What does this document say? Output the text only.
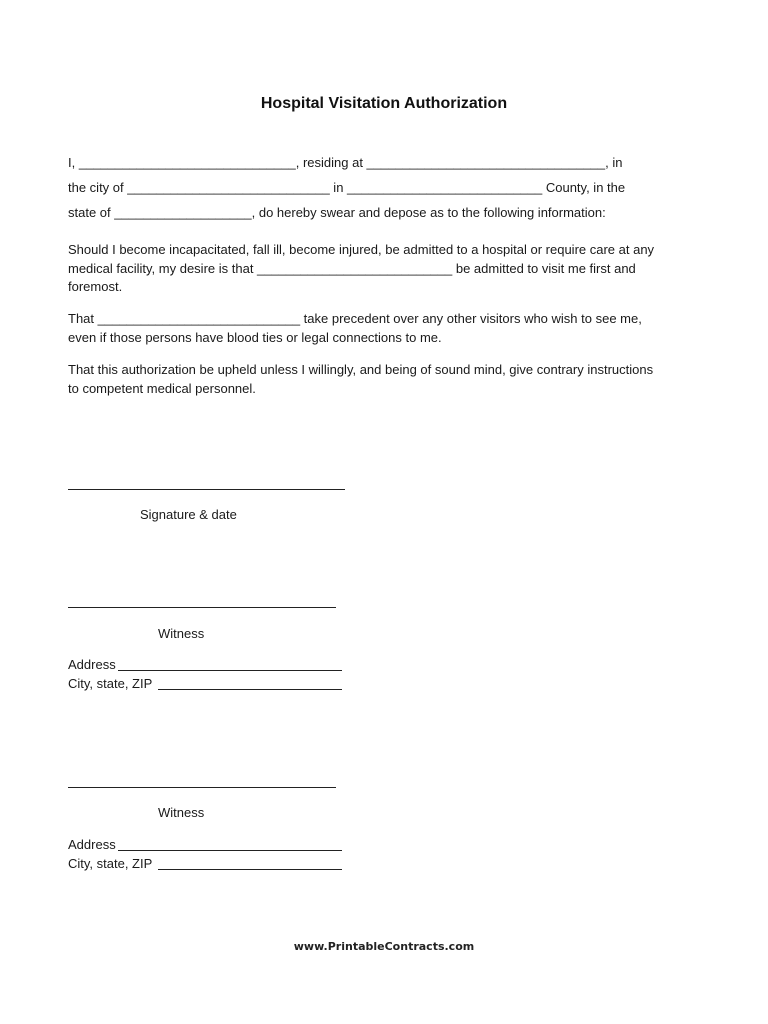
Hospital Visitation Authorization
I, ______________________________, residing at _________________________________, in
the city of ____________________________ in ___________________________ County, in the
state of ___________________, do hereby swear and depose as to the following information:
Should I become incapacitated, fall ill, become injured, be admitted to a hospital or require care at any
medical facility, my desire is that ___________________________ be admitted to visit me first and
foremost.
That ____________________________ take precedent over any other visitors who wish to see me,
even if those persons have blood ties or legal connections to me.
That this authorization be upheld unless I willingly, and being of sound mind, give contrary instructions
to competent medical personnel.
Signature & date
Witness
Address
City, state, ZIP
Witness
Address
City, state, ZIP
www.PrintableContracts.com
